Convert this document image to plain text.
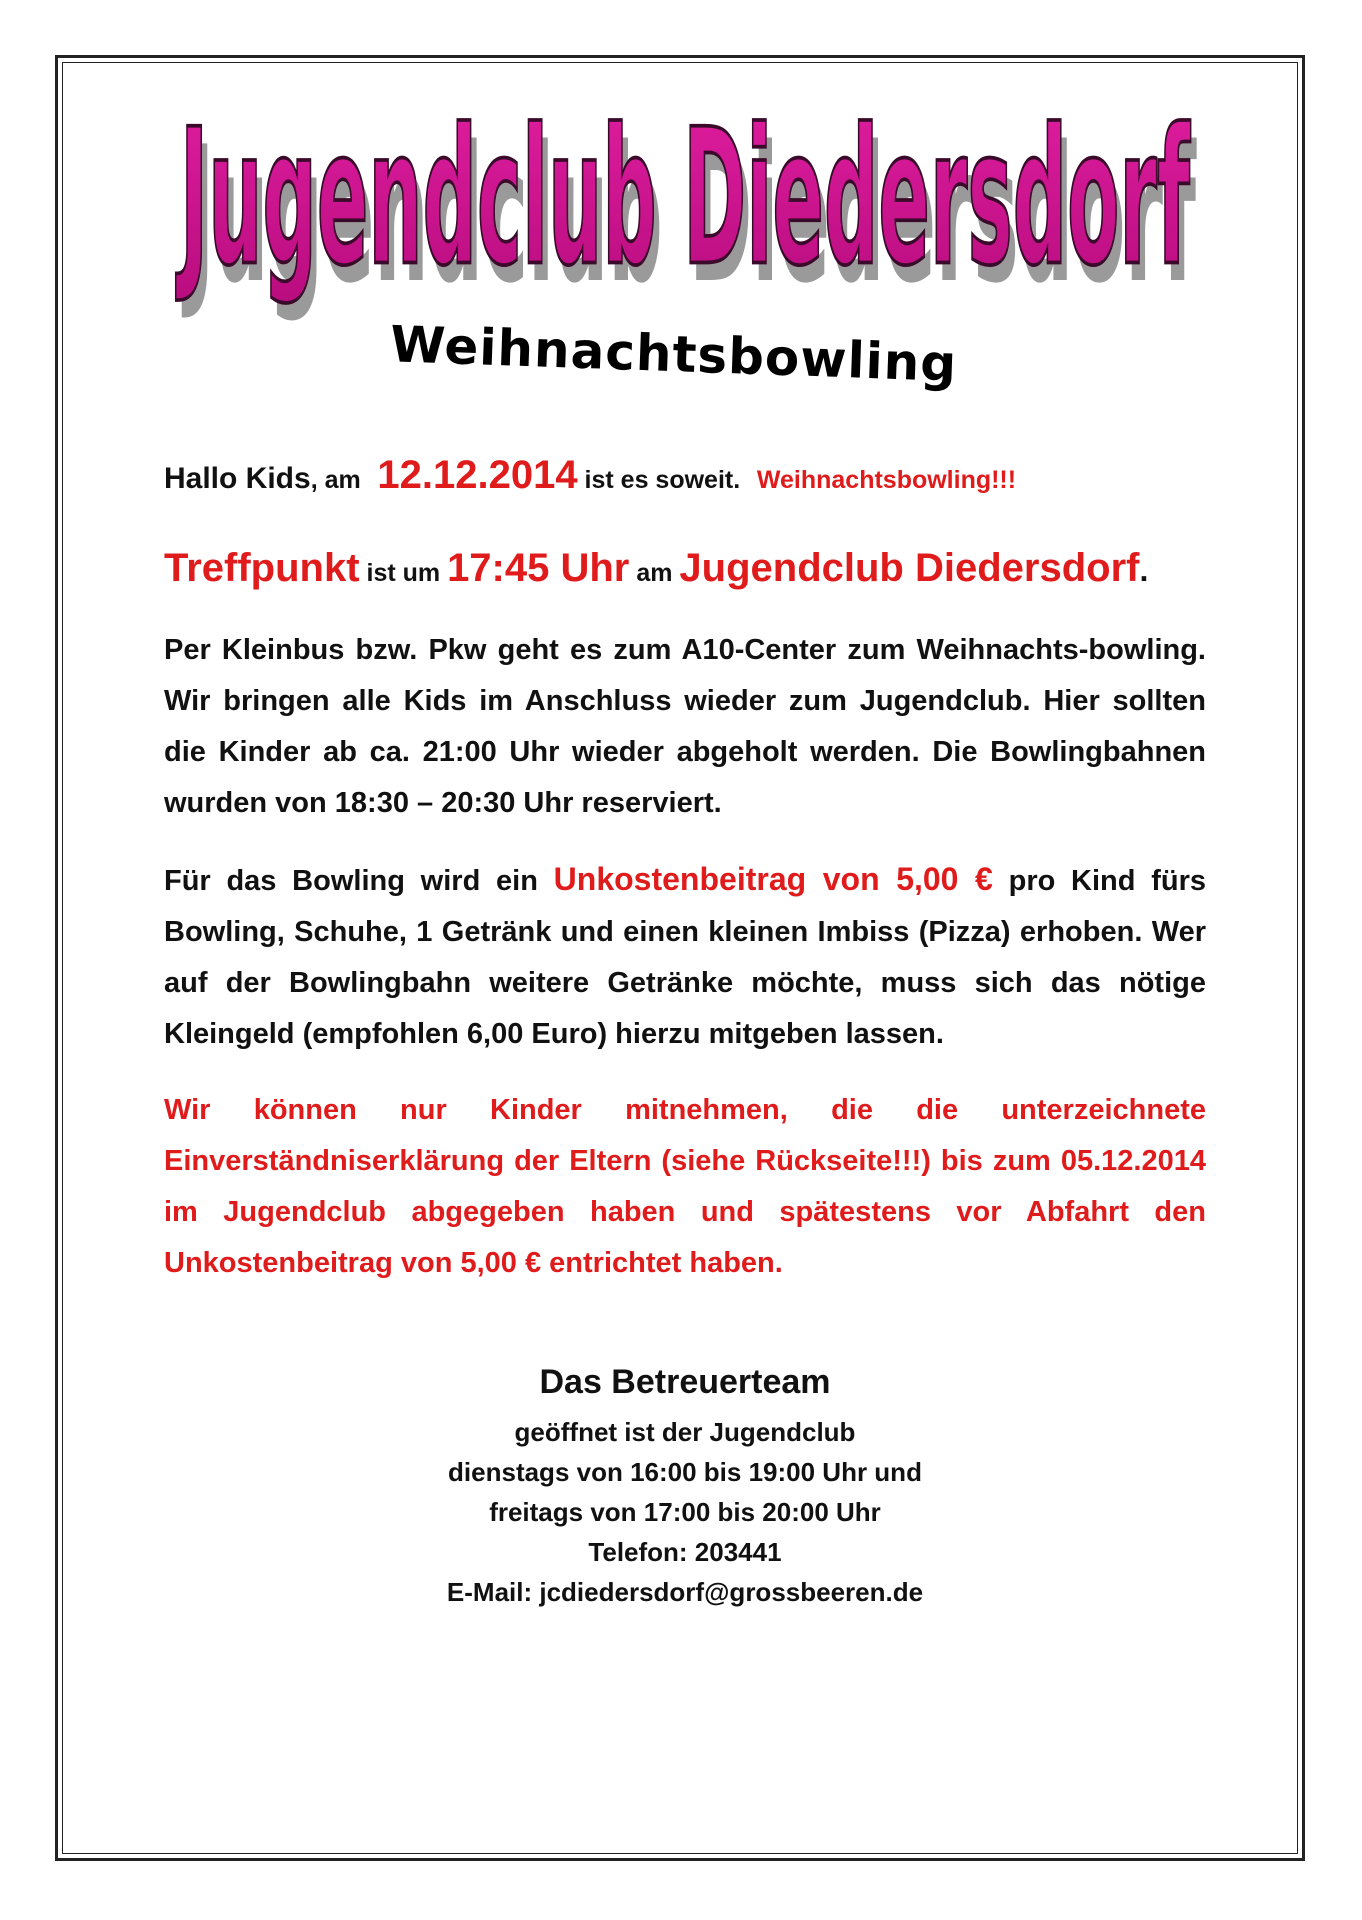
Jugendclub Diedersdorf
Jugendclub Diedersdorf
Weihnachtsbowling

Hallo Kids, am 12.12.2014 ist es soweit. Weihnachtsbowling!!!

Treffpunkt ist um 17:45 Uhr am Jugendclub Diedersdorf.

Per Kleinbus bzw. Pkw geht es zum A10-Center zum Weihnachts-bowling. Wir bringen alle Kids im Anschluss wieder zum Jugendclub. Hier sollten die Kinder ab ca. 21:00 Uhr wieder abgeholt werden. Die Bowlingbahnen wurden von 18:30 – 20:30 Uhr reserviert.

Für das Bowling wird ein Unkostenbeitrag von 5,00 € pro Kind fürs Bowling, Schuhe, 1 Getränk und einen kleinen Imbiss (Pizza) erhoben. Wer auf der Bowlingbahn weitere Getränke möchte, muss sich das nötige Kleingeld (empfohlen 6,00 Euro) hierzu mitgeben lassen.

Wir können nur Kinder mitnehmen, die die unterzeichnete Einverständniserklärung der Eltern (siehe Rückseite!!!) bis zum 05.12.2014 im Jugendclub abgegeben haben und spätestens vor Abfahrt den Unkostenbeitrag von 5,00 € entrichtet haben.

Das Betreuerteam
geöffnet ist der Jugendclub
dienstags von 16:00 bis 19:00 Uhr und
freitags von 17:00 bis 20:00 Uhr
Telefon: 203441
E-Mail: jcdiedersdorf@grossbeeren.de
